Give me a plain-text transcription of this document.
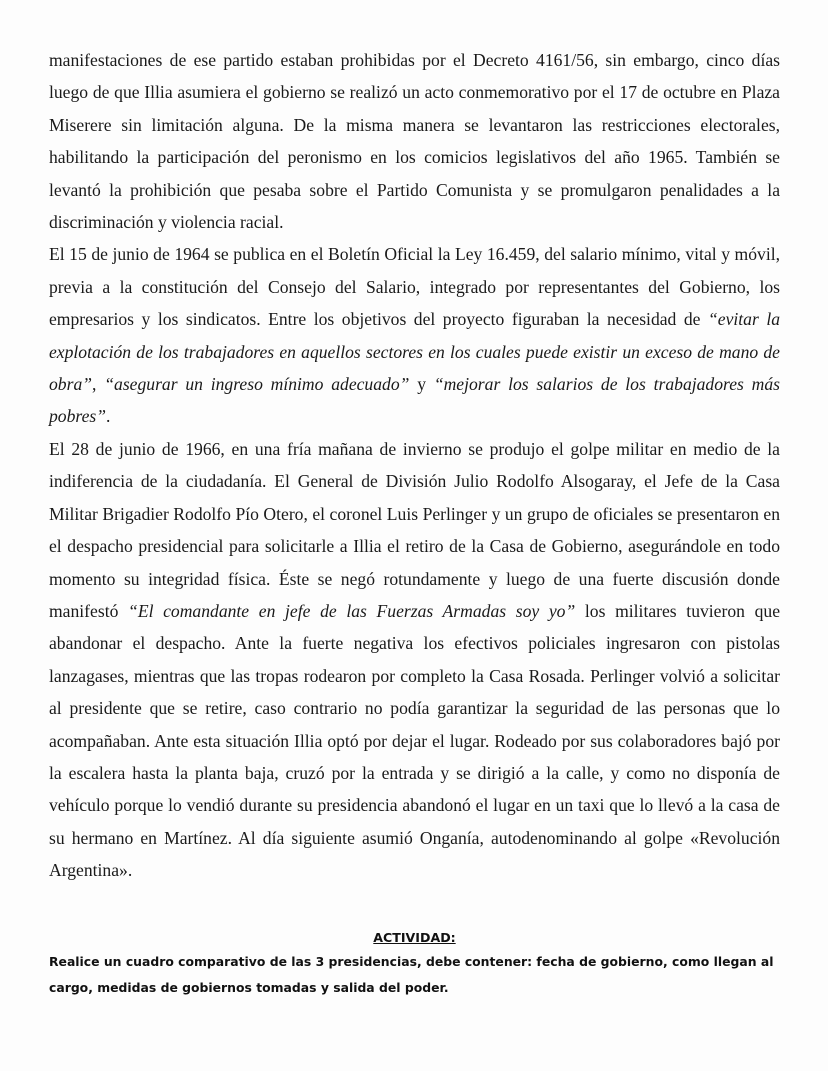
manifestaciones de ese partido estaban prohibidas por el Decreto 4161/56, sin embargo, cinco días luego de que Illia asumiera el gobierno se realizó un acto conmemorativo por el 17 de octubre en Plaza Miserere sin limitación alguna. De la misma manera se levantaron las restricciones electorales, habilitando la participación del peronismo en los comicios legislativos del año 1965. También se levantó la prohibición que pesaba sobre el Partido Comunista y se promulgaron penalidades a la discriminación y violencia racial.

El 15 de junio de 1964 se publica en el Boletín Oficial la Ley 16.459, del salario mínimo, vital y móvil, previa a la constitución del Consejo del Salario, integrado por representantes del Gobierno, los empresarios y los sindicatos. Entre los objetivos del proyecto figuraban la necesidad de “evitar la explotación de los trabajadores en aquellos sectores en los cuales puede existir un exceso de mano de obra”, “asegurar un ingreso mínimo adecuado” y “mejorar los salarios de los trabajadores más pobres”.

El 28 de junio de 1966, en una fría mañana de invierno se produjo el golpe militar en medio de la indiferencia de la ciudadanía. El General de División Julio Rodolfo Alsogaray, el Jefe de la Casa Militar Brigadier Rodolfo Pío Otero, el coronel Luis Perlinger y un grupo de oficiales se presentaron en el despacho presidencial para solicitarle a Illia el retiro de la Casa de Gobierno, asegurándole en todo momento su integridad física. Éste se negó rotundamente y luego de una fuerte discusión donde manifestó “El comandante en jefe de las Fuerzas Armadas soy yo” los militares tuvieron que abandonar el despacho. Ante la fuerte negativa los efectivos policiales ingresaron con pistolas lanzagases, mientras que las tropas rodearon por completo la Casa Rosada. Perlinger volvió a solicitar al presidente que se retire, caso contrario no podía garantizar la seguridad de las personas que lo acompañaban. Ante esta situación Illia optó por dejar el lugar. Rodeado por sus colaboradores bajó por la escalera hasta la planta baja, cruzó por la entrada y se dirigió a la calle, y como no disponía de vehículo porque lo vendió durante su presidencia abandonó el lugar en un taxi que lo llevó a la casa de su hermano en Martínez. Al día siguiente asumió Onganía, autodenominando al golpe «Revolución Argentina».

ACTIVIDAD:

Realice un cuadro comparativo de las 3 presidencias, debe contener: fecha de gobierno, como llegan al cargo, medidas de gobiernos tomadas y salida del poder.
